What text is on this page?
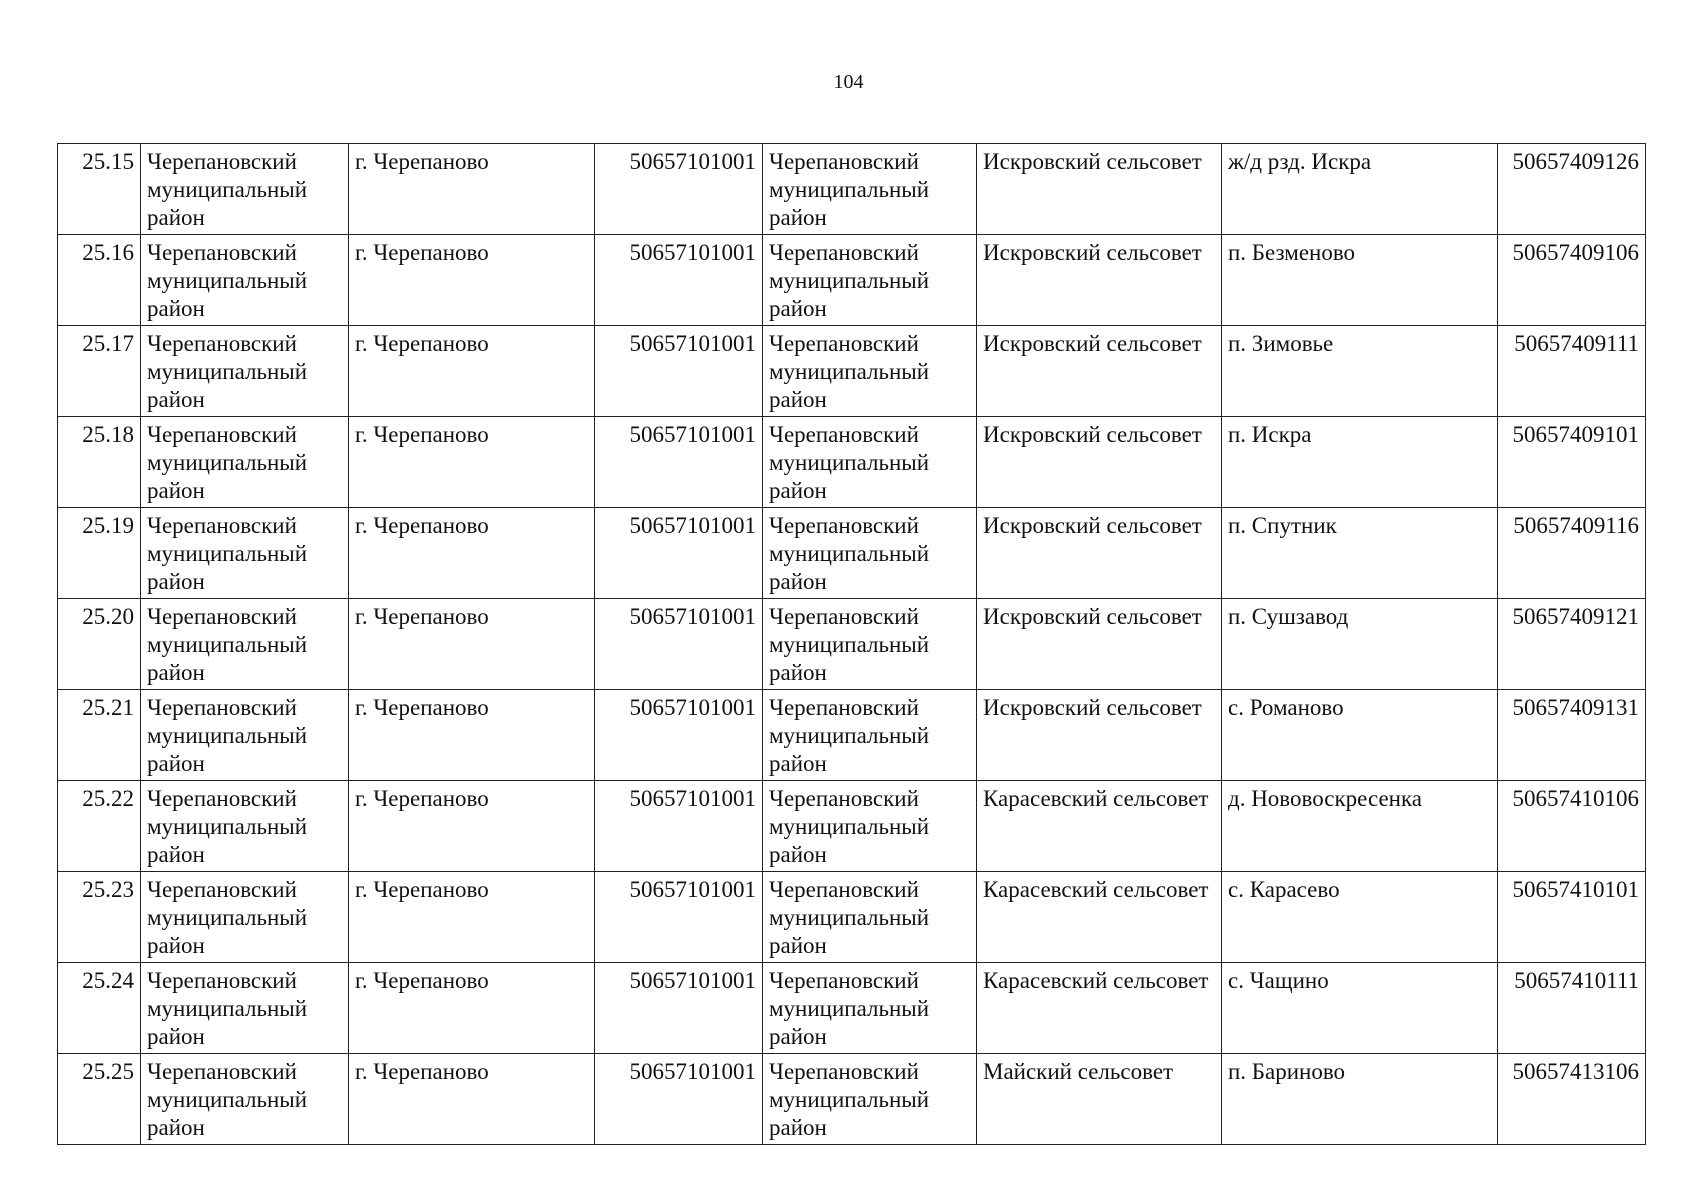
104
25.15	Черепановский муниципальный район	г. Черепаново	50657101001	Черепановский муниципальный район	Искровский сельсовет	ж/д рзд. Искра	50657409126
25.16	Черепановский муниципальный район	г. Черепаново	50657101001	Черепановский муниципальный район	Искровский сельсовет	п. Безменово	50657409106
25.17	Черепановский муниципальный район	г. Черепаново	50657101001	Черепановский муниципальный район	Искровский сельсовет	п. Зимовье	50657409111
25.18	Черепановский муниципальный район	г. Черепаново	50657101001	Черепановский муниципальный район	Искровский сельсовет	п. Искра	50657409101
25.19	Черепановский муниципальный район	г. Черепаново	50657101001	Черепановский муниципальный район	Искровский сельсовет	п. Спутник	50657409116
25.20	Черепановский муниципальный район	г. Черепаново	50657101001	Черепановский муниципальный район	Искровский сельсовет	п. Сушзавод	50657409121
25.21	Черепановский муниципальный район	г. Черепаново	50657101001	Черепановский муниципальный район	Искровский сельсовет	с. Романово	50657409131
25.22	Черепановский муниципальный район	г. Черепаново	50657101001	Черепановский муниципальный район	Карасевский сельсовет	д. Нововоскресенка	50657410106
25.23	Черепановский муниципальный район	г. Черепаново	50657101001	Черепановский муниципальный район	Карасевский сельсовет	с. Карасево	50657410101
25.24	Черепановский муниципальный район	г. Черепаново	50657101001	Черепановский муниципальный район	Карасевский сельсовет	с. Чащино	50657410111
25.25	Черепановский муниципальный район	г. Черепаново	50657101001	Черепановский муниципальный район	Майский сельсовет	п. Бариново	50657413106
